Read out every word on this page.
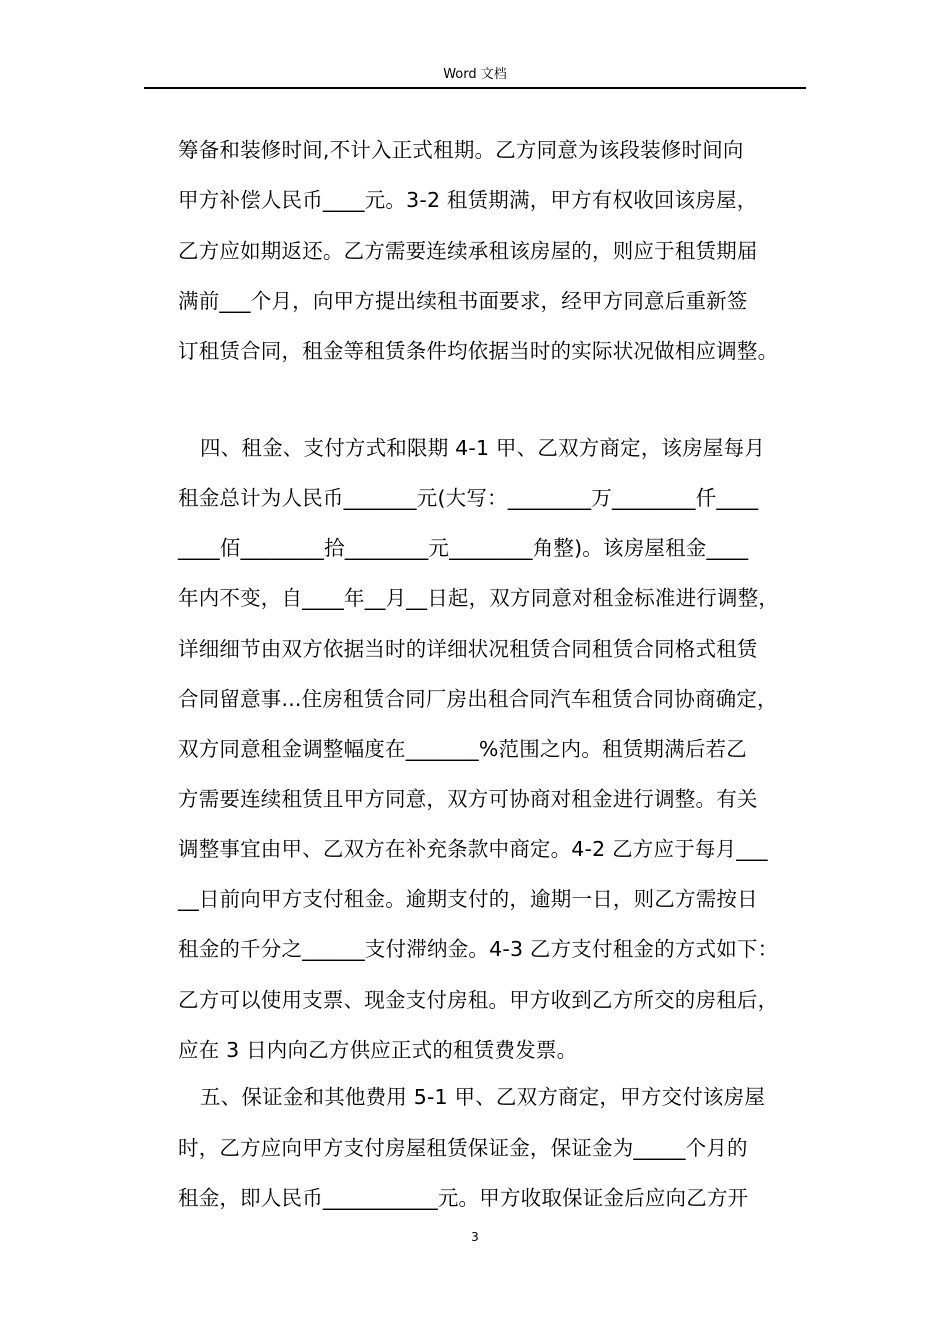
Word 文档
筹备和装修时间,不计入正式租期。乙方同意为该段装修时间向
甲方补偿人民币____元。3-2 租赁期满，甲方有权收回该房屋，
乙方应如期返还。乙方需要连续承租该房屋的，则应于租赁期届
满前___个月，向甲方提出续租书面要求，经甲方同意后重新签
订租赁合同，租金等租赁条件均依据当时的实际状况做相应调整。
四、租金、支付方式和限期 4-1 甲、乙双方商定，该房屋每月
租金总计为人民币_______元(大写：________万________仟____
____佰________拾________元________角整)。该房屋租金____
年内不变，自____年__月__日起，双方同意对租金标准进行调整，
详细细节由双方依据当时的详细状况租赁合同租赁合同格式租赁
合同留意事...住房租赁合同厂房出租合同汽车租赁合同协商确定，
双方同意租金调整幅度在_______%范围之内。租赁期满后若乙
方需要连续租赁且甲方同意，双方可协商对租金进行调整。有关
调整事宜由甲、乙双方在补充条款中商定。4-2 乙方应于每月___
__日前向甲方支付租金。逾期支付的，逾期一日，则乙方需按日
租金的千分之______支付滞纳金。4-3 乙方支付租金的方式如下：
乙方可以使用支票、现金支付房租。甲方收到乙方所交的房租后，
应在 3 日内向乙方供应正式的租赁费发票。
五、保证金和其他费用 5-1 甲、乙双方商定，甲方交付该房屋
时，乙方应向甲方支付房屋租赁保证金，保证金为_____个月的
租金，即人民币___________元。甲方收取保证金后应向乙方开
3
